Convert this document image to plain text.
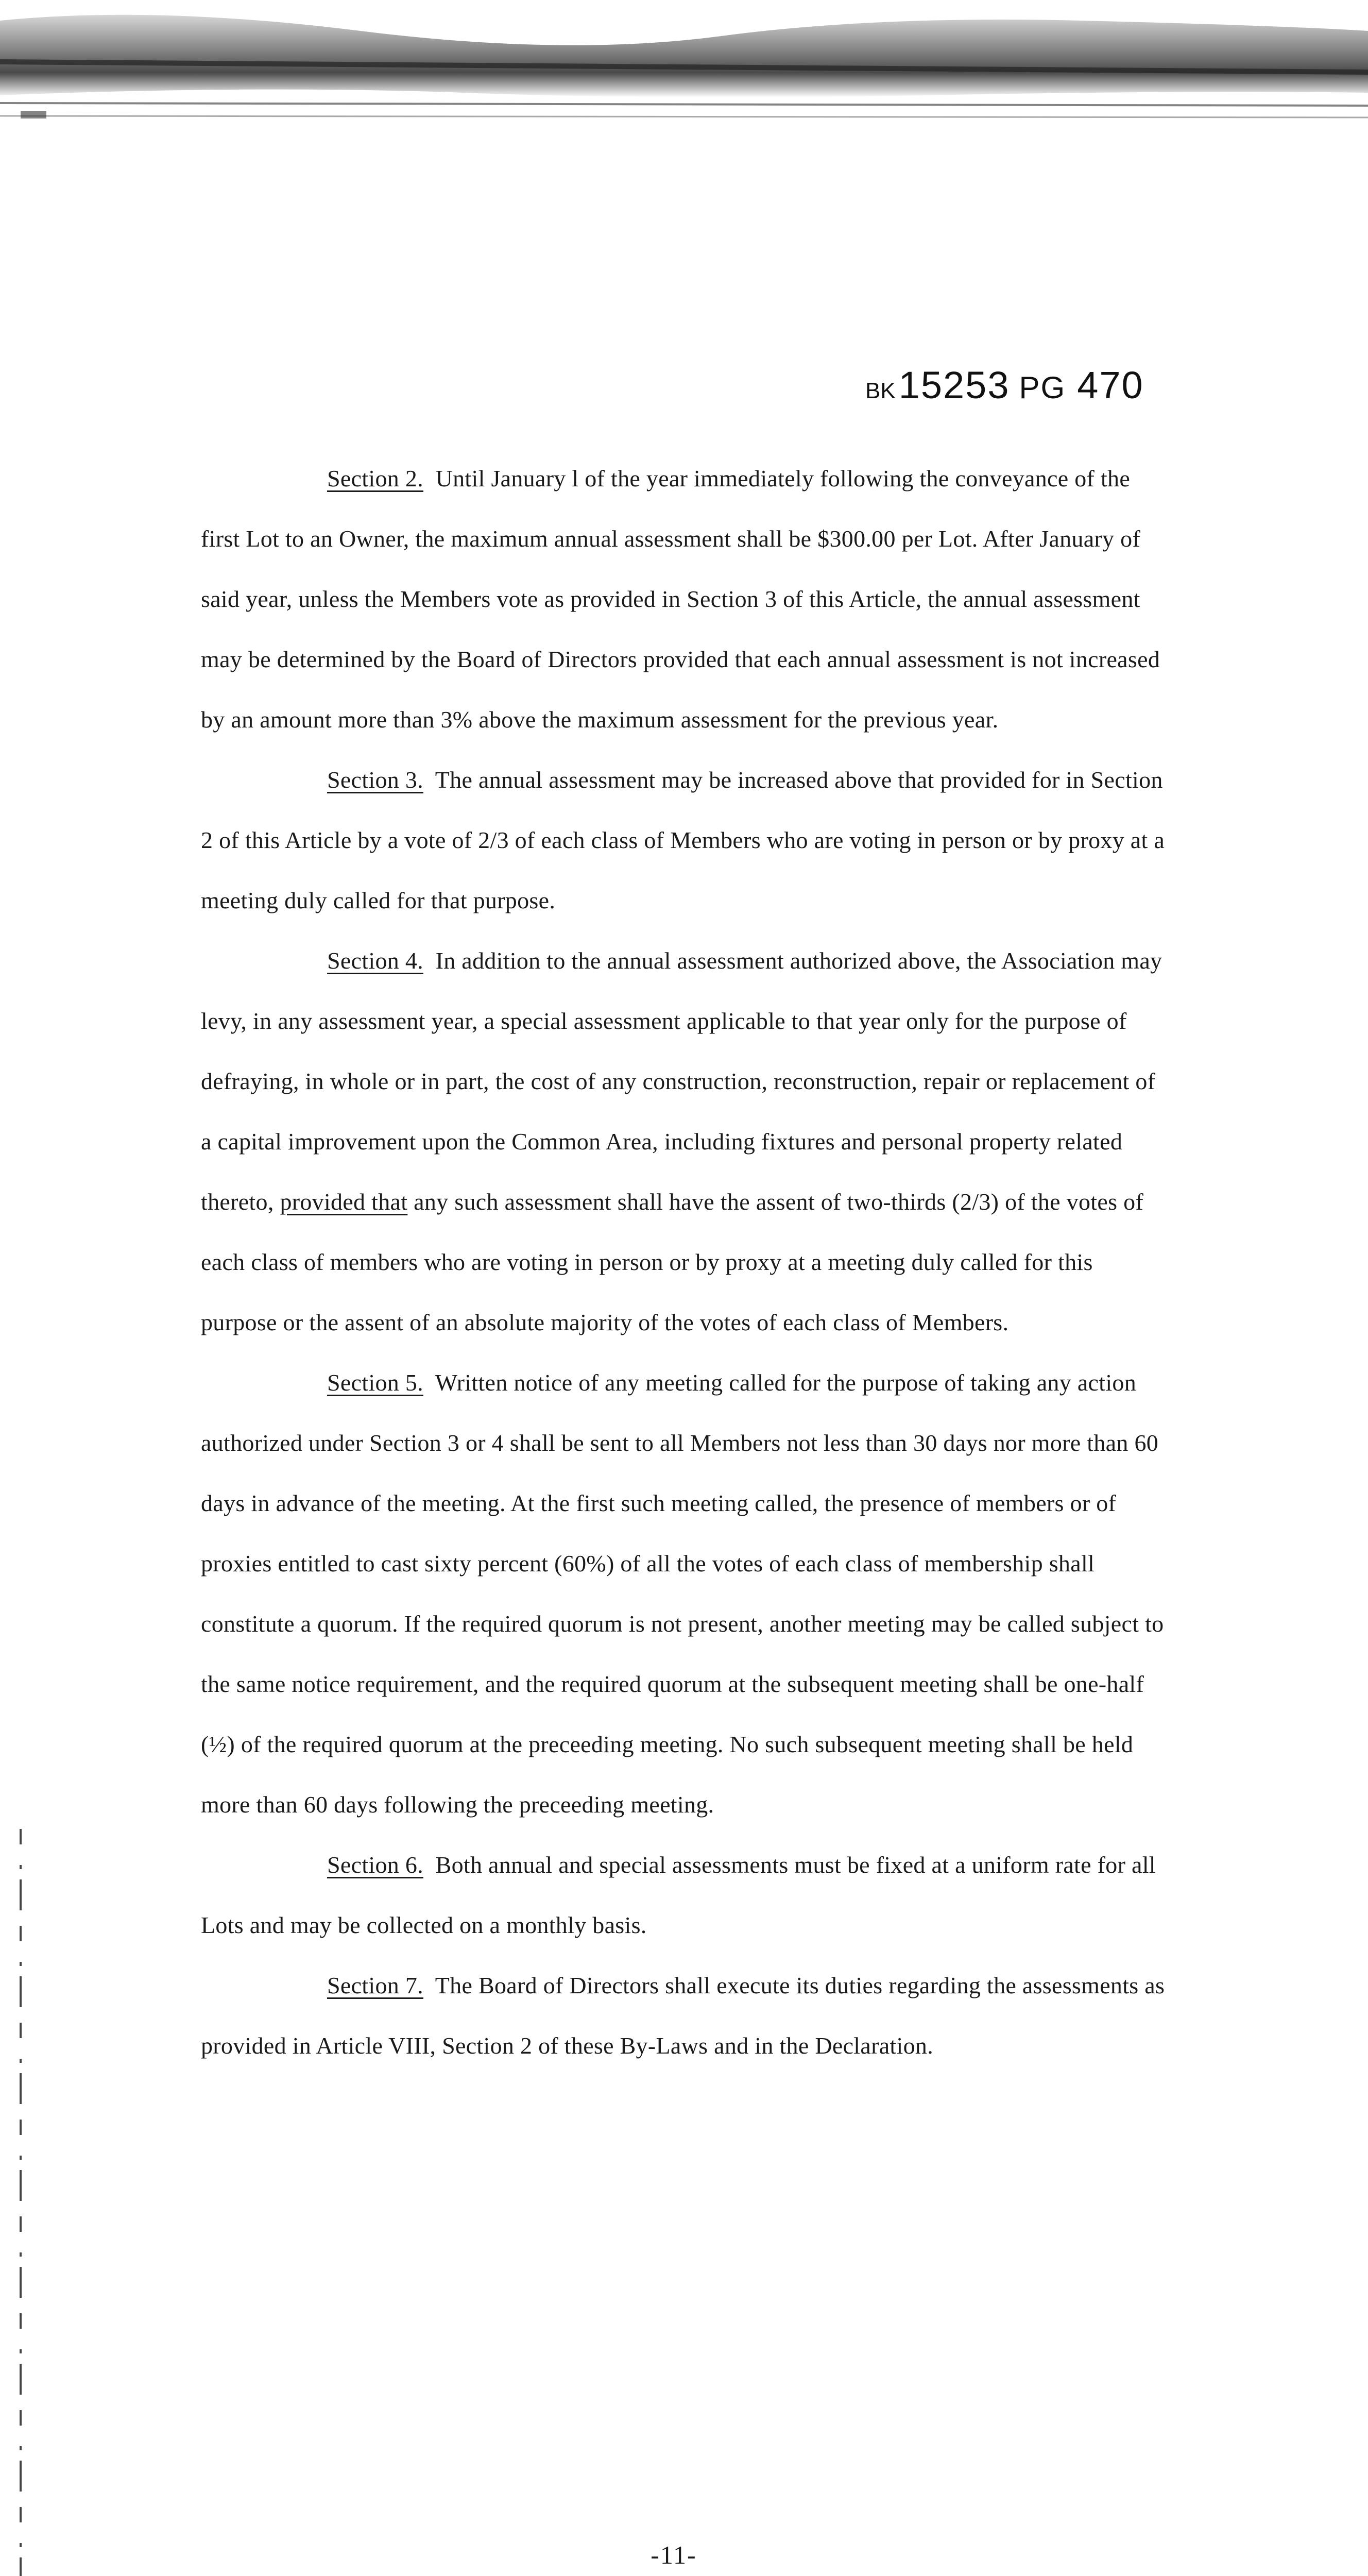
BK15253 PG 470

Section 2. Until January l of the year immediately following the conveyance of the first Lot to an Owner, the maximum annual assessment shall be $300.00 per Lot. After January of said year, unless the Members vote as provided in Section 3 of this Article, the annual assessment may be determined by the Board of Directors provided that each annual assessment is not increased by an amount more than 3% above the maximum assessment for the previous year.

Section 3. The annual assessment may be increased above that provided for in Section 2 of this Article by a vote of 2/3 of each class of Members who are voting in person or by proxy at a meeting duly called for that purpose.

Section 4. In addition to the annual assessment authorized above, the Association may levy, in any assessment year, a special assessment applicable to that year only for the purpose of defraying, in whole or in part, the cost of any construction, reconstruction, repair or replacement of a capital improvement upon the Common Area, including fixtures and personal property related thereto, provided that any such assessment shall have the assent of two-thirds (2/3) of the votes of each class of members who are voting in person or by proxy at a meeting duly called for this purpose or the assent of an absolute majority of the votes of each class of Members.

Section 5. Written notice of any meeting called for the purpose of taking any action authorized under Section 3 or 4 shall be sent to all Members not less than 30 days nor more than 60 days in advance of the meeting. At the first such meeting called, the presence of members or of proxies entitled to cast sixty percent (60%) of all the votes of each class of membership shall constitute a quorum. If the required quorum is not present, another meeting may be called subject to the same notice requirement, and the required quorum at the subsequent meeting shall be one-half (½) of the required quorum at the preceeding meeting. No such subsequent meeting shall be held more than 60 days following the preceeding meeting.

Section 6. Both annual and special assessments must be fixed at a uniform rate for all Lots and may be collected on a monthly basis.

Section 7. The Board of Directors shall execute its duties regarding the assessments as provided in Article VIII, Section 2 of these By-Laws and in the Declaration.

-11-
